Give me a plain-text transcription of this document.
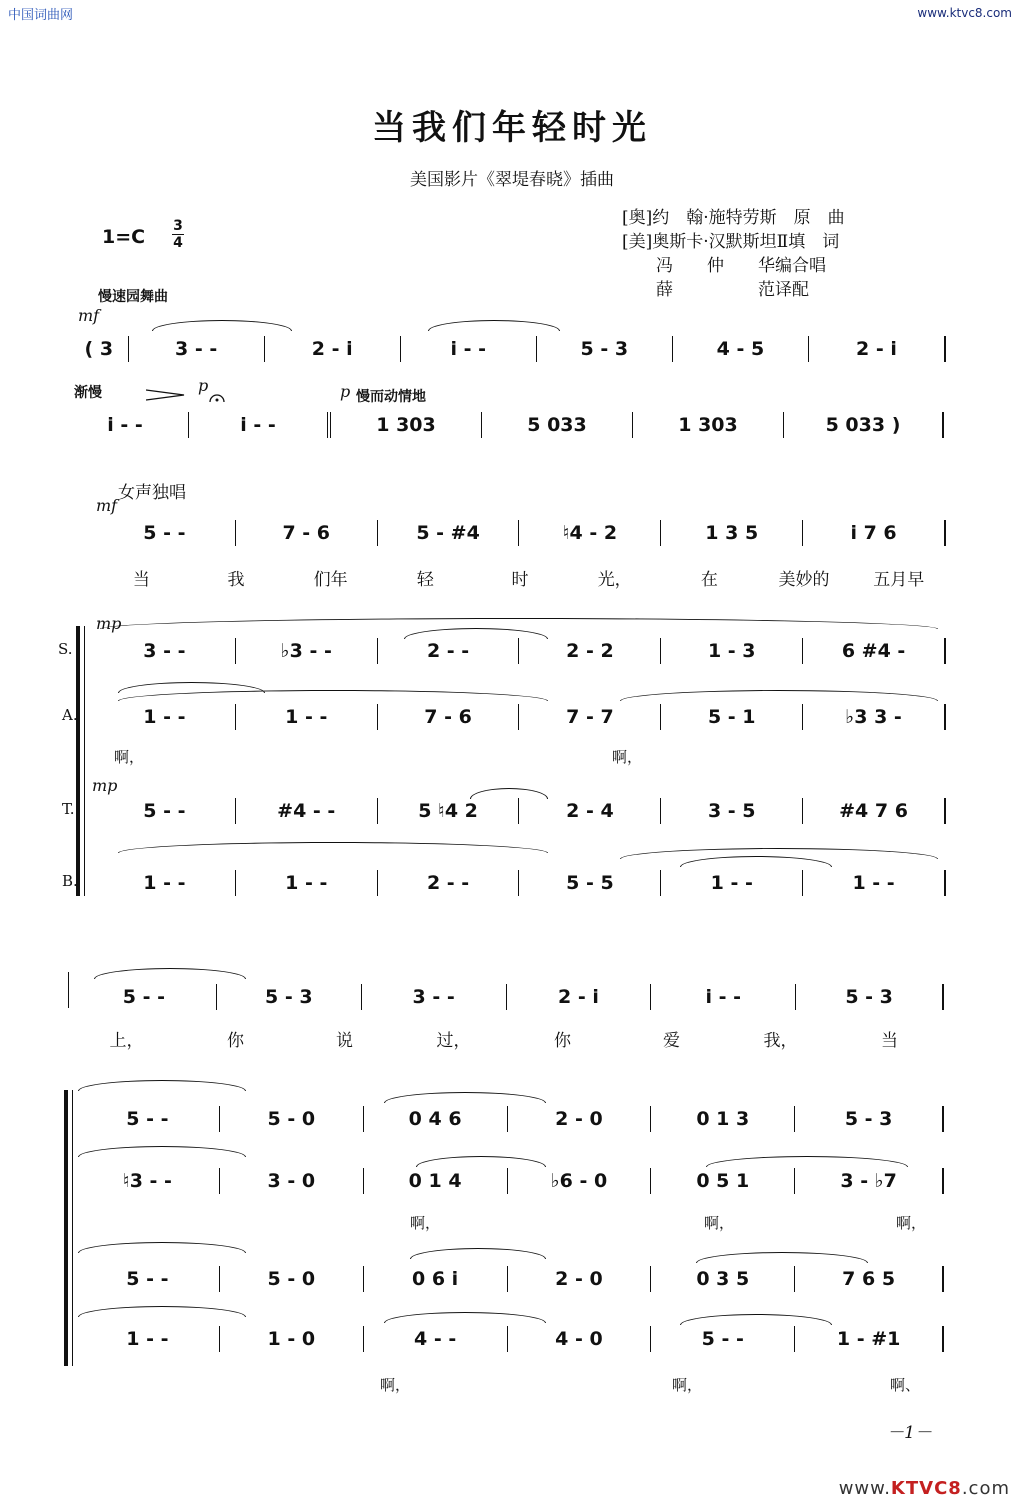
中国词曲网	www.ktvc8.com
当我们年轻时光
美国影片《翠堤春晓》插曲
1=C 3
4
[奥]约　翰·施特劳斯　原　曲
[美]奥斯卡·汉默斯坦Ⅱ填　词
　　冯　　仲　　华编合唱
　　薛　　　　　范译配
慢速园舞曲
mf
( 3	3 - -	2 - i	i - -	5 - 3	4 - 5	2 - i
渐慢	p	p 慢而动情地
i - -	i - -	1 303	5 033	1 303	5 033 )
女声独唱
mf
5 - -	7 - 6	5 - #4	♮4 - 2	1 3 5	i 7 6
当	我	们年	轻	时	光，	在	美妙的	五月早
mp
S.	3 - -	♭3 - -	2 - -	2 - 2	1 - 3	6 #4 -
A.	1 - -	1 - -	7 - 6	7 - 7	5 - 1	♭3 3 -
啊，	啊，
mp
T.	5 - -	#4 - -	5 ♮4 2	2 - 4	3 - 5	#4 7 6
B.	1 - -	1 - -	2 - -	5 - 5	1 - -	1 - -
5 - -	5 - 3	3 - -	2 - i	i - -	5 - 3
上，	你	说	过，	你	爱	我，	当
5 - -	5 - 0	0 4 6	2 - 0	0 1 3	5 - 3
♮3 - -	3 - 0	0 1 4	♭6 - 0	0 5 1	3 - ♭7
啊，	啊，	啊，
5 - -	5 - 0	0 6 i	2 - 0	0 3 5	7 6 5
1 - -	1 - 0	4 - -	4 - 0	5 - -	1 - #1
啊，	啊，	啊、
－1－
www.KTVC8.com
